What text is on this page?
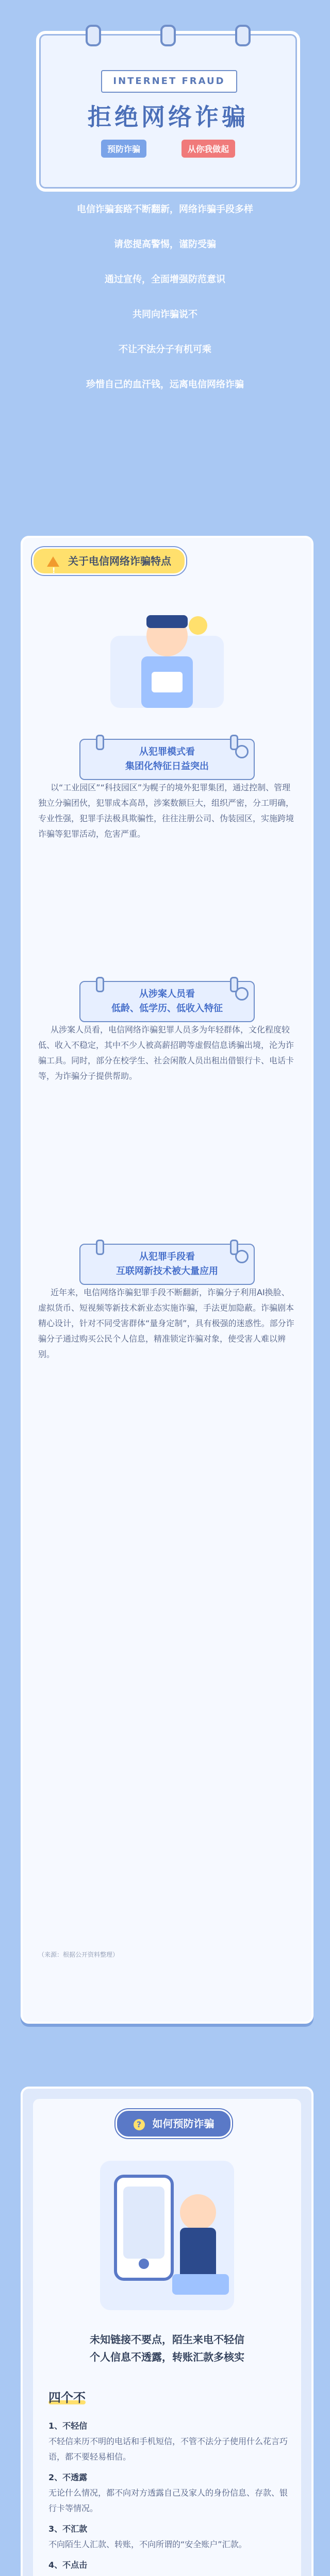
INTERNET FRAUD
拒绝网络诈骗
预防诈骗	从你我做起

电信诈骗套路不断翻新，网络诈骗手段多样

请您提高警惕，谨防受骗

通过宣传，全面增强防范意识

共同向诈骗说不

不让不法分子有机可乘

珍惜自己的血汗钱，远离电信网络诈骗

!
关于电信网络诈骗特点
从犯罪模式看
集团化特征日益突出
以“工业园区”“科技园区”为幌子的境外犯罪集团，通过控制、管理独立分骗团伙，犯罪成本高昂，涉案数额巨大，组织严密，分工明确，专业性强，犯罪手法极具欺骗性，往往注册公司、伪装园区，实施跨境诈骗等犯罪活动，危害严重。
从涉案人员看
低龄、低学历、低收入特征
从涉案人员看，电信网络诈骗犯罪人员多为年轻群体，文化程度较低、收入不稳定，其中不少人被高薪招聘等虚假信息诱骗出境，沦为诈骗工具。同时，部分在校学生、社会闲散人员出租出借银行卡、电话卡等，为诈骗分子提供帮助。
从犯罪手段看
互联网新技术被大量应用
近年来，电信网络诈骗犯罪手段不断翻新，诈骗分子利用AI换脸、虚拟货币、短视频等新技术新业态实施诈骗，手法更加隐蔽。诈骗剧本精心设计，针对不同受害群体“量身定制”，具有极强的迷惑性。部分诈骗分子通过购买公民个人信息，精准锁定诈骗对象，使受害人难以辨别。
（来源：根据公开资料整理）
? 如何预防诈骗
未知链接不要点，陌生来电不轻信
个人信息不透露，转账汇款多核实
四个不
1、不轻信
不轻信来历不明的电话和手机短信，不管不法分子使用什么花言巧语，都不要轻易相信。
2、不透露
无论什么情况，都不向对方透露自己及家人的身份信息、存款、银行卡等情况。
3、不汇款
不向陌生人汇款、转账，不向所谓的“安全账户”汇款。
4、不点击
